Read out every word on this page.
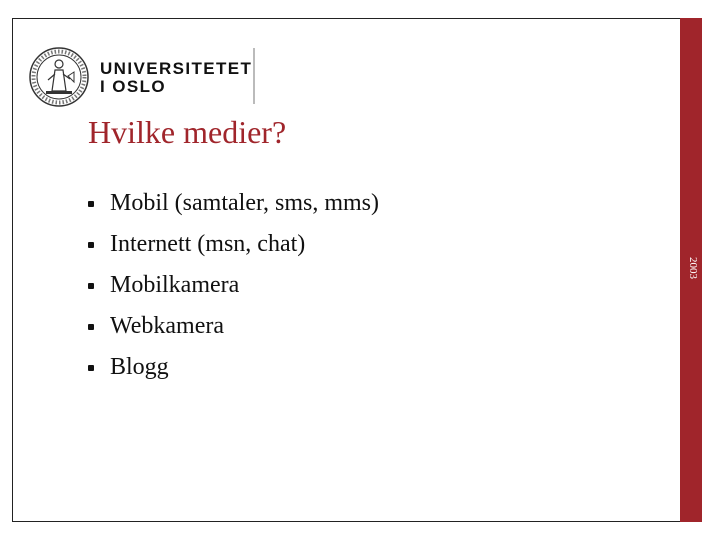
UNIVERSITETET
I OSLO
Hvilke medier?
Mobil (samtaler, sms, mms)
Internett (msn, chat)
Mobilkamera
Webkamera
Blogg
2003
